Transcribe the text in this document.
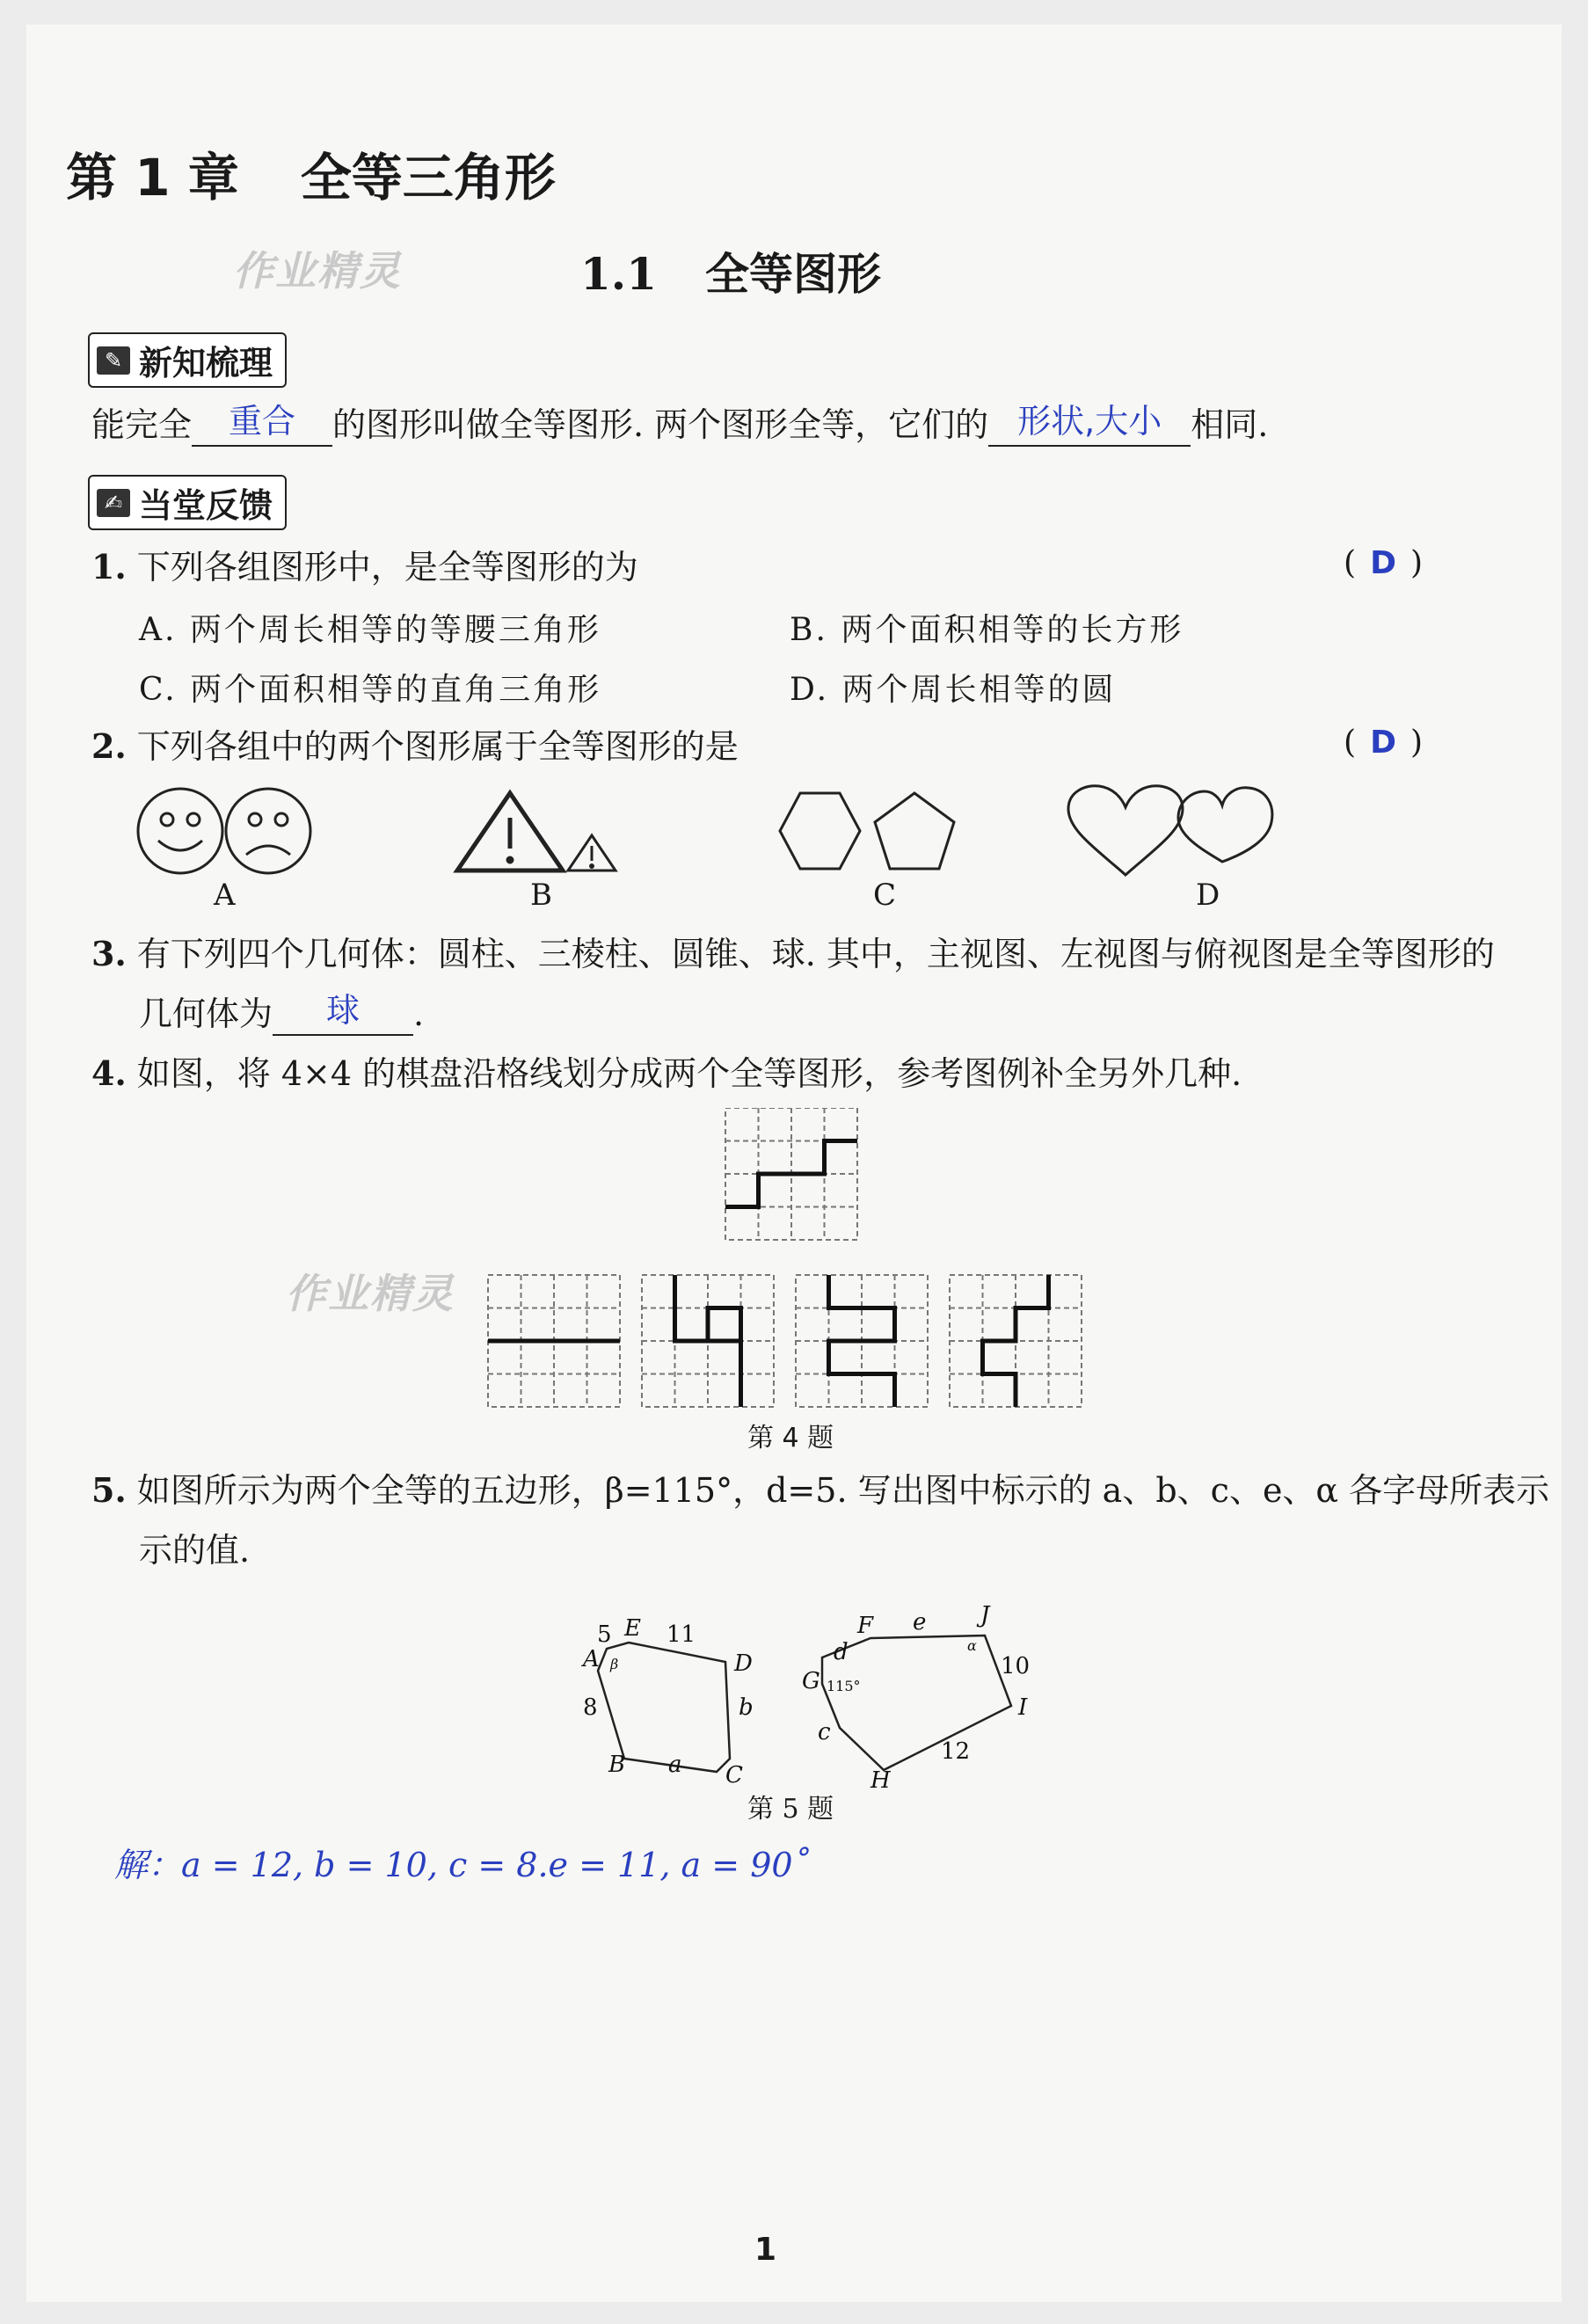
第 1 章 全等三角形
作业精灵
作业精灵
1.1 全等图形
✎ 新知梳理
能完全	重合	的图形叫做全等图形. 两个图形全等，它们的 形状,大小 相同.
✍ 当堂反馈
1. 下列各组图形中，是全等图形的为	( D )
A. 两个周长相等的等腰三角形	B. 两个面积相等的长方形
C. 两个面积相等的直角三角形	D. 两个周长相等的圆
2. 下列各组中的两个图形属于全等图形的是	( D )
A	B	C	D
3. 有下列四个几何体：圆柱、三棱柱、圆锥、球. 其中，主视图、左视图与俯视图是全等图形的
几何体为	球	.
4. 如图，将 4×4 的棋盘沿格线划分成两个全等图形，参考图例补全另外几种.
第 4 题
5. 如图所示为两个全等的五边形，β=115°，d=5. 写出图中标示的 a、b、c、e、α 各字母所表示
示的值.
A
E
D
C
B
5 11
8	b
a
β
F
G
H
I
J
d
e
c
10
12
115°
α
第 5 题
解：a = 12, b = 10, c = 8.e = 11, a = 90˚
1
